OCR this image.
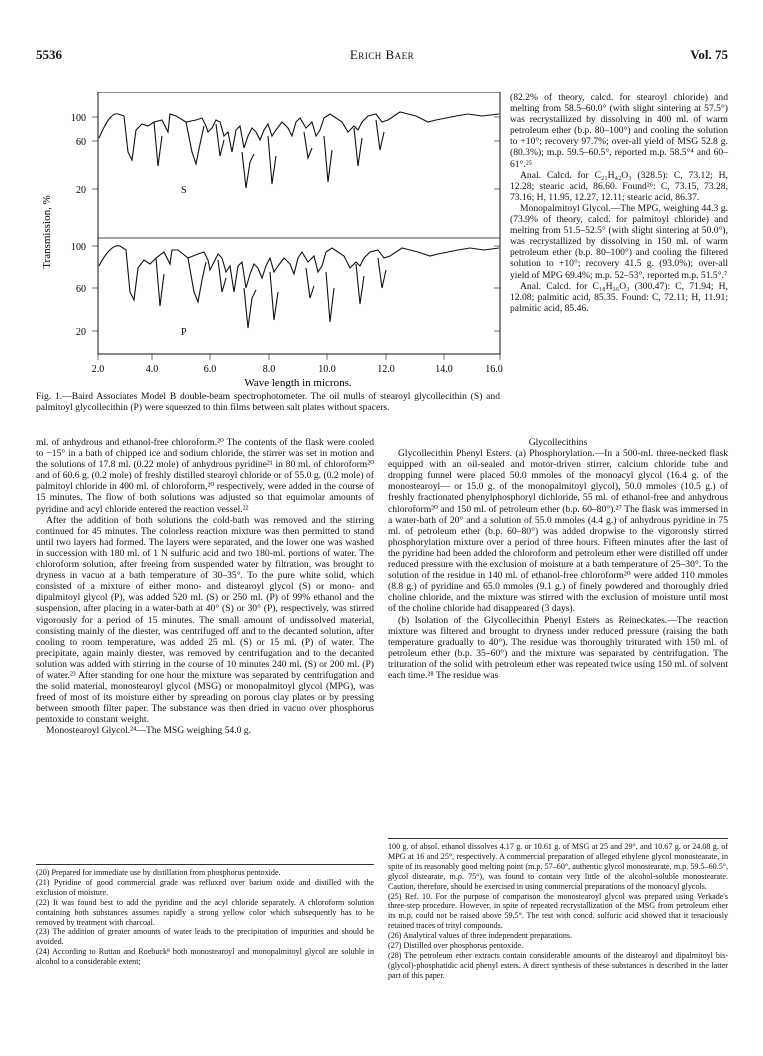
5536	Erich Baer	Vol. 75
100
60
20
100
60
20
Transmission, %
S
P
2.0	4.0	6.0	8.0	10.0	12.0	14.0	16.0
Wave length in microns.
Fig. 1.—Baird Associates Model B double-beam spectrophotometer. The oil mulls of stearoyl glycollecithin (S) and palmitoyl glycollecithin (P) were squeezed to thin films between salt plates without spacers.

(82.2% of theory, calcd. for stearoyl chloride) and melting from 58.5–60.0° (with slight sintering at 57.5°) was recrystallized by dissolving in 400 ml. of warm petroleum ether (b.p. 80–100°) and cooling the solution to +10°; recovery 97.7%; over-all yield of MSG 52.8 g. (80.3%); m.p. 59.5–60.5°, reported m.p. 58.5°⁴ and 60–61°.²⁵

Anal. Calcd. for C₂₁H₄₂O₃ (328.5): C, 73.12; H, 12.28; stearic acid, 86.60. Found²⁶: C, 73.15, 73.28, 73.16; H, 11.95, 12.27, 12.11; stearic acid, 86.37.

Monopalmitoyl Glycol.—The MPG, weighing 44.3 g. (73.9% of theory, calcd. for palmitoyl chloride) and melting from 51.5–52.5° (with slight sintering at 50.0°), was recrystallized by dissolving in 150 ml. of warm petroleum ether (b.p. 80–100°) and cooling the filtered solution to +10°; recovery 41.5 g. (93.0%); over-all yield of MPG 69.4%; m.p. 52–53°, reported m.p. 51.5°.⁷

Anal. Calcd. for C₁₈H₃₆O₃ (300.47): C, 71.94; H, 12.08; palmitic acid, 85.35. Found: C, 72.11; H, 11.91; palmitic acid, 85.46.

ml. of anhydrous and ethanol-free chloroform.²⁰ The contents of the flask were cooled to −15° in a bath of chipped ice and sodium chloride, the stirrer was set in motion and the solutions of 17.8 ml. (0.22 mole) of anhydrous pyridine²¹ in 80 ml. of chloroform²⁰ and of 60.6 g. (0.2 mole) of freshly distilled stearoyl chloride or of 55.0 g. (0.2 mole) of palmitoyl chloride in 400 ml. of chloroform,²⁰ respectively, were added in the course of 15 minutes. The flow of both solutions was adjusted so that equimolar amounts of pyridine and acyl chloride entered the reaction vessel.²²

After the addition of both solutions the cold-bath was removed and the stirring continued for 45 minutes. The colorless reaction mixture was then permitted to stand until two layers had formed. The layers were separated, and the lower one was washed in succession with 180 ml. of 1 N sulfuric acid and two 180-ml. portions of water. The chloroform solution, after freeing from suspended water by filtration, was brought to dryness in vacuo at a bath temperature of 30–35°. To the pure white solid, which consisted of a mixture of either mono- and distearoyl glycol (S) or mono- and dipalmitoyl glycol (P), was added 520 ml. (S) or 250 ml. (P) of 99% ethanol and the suspension, after placing in a water-bath at 40° (S) or 30° (P), respectively, was stirred vigorously for a period of 15 minutes. The small amount of undissolved material, consisting mainly of the diester, was centrifuged off and to the decanted solution, after cooling to room temperature, was added 25 ml. (S) or 15 ml. (P) of water. The precipitate, again mainly diester, was removed by centrifugation and to the decanted solution was added with stirring in the course of 10 minutes 240 ml. (S) or 200 ml. (P) of water.²³ After standing for one hour the mixture was separated by centrifugation and the solid material, monostearoyl glycol (MSG) or monopalmitoyl glycol (MPG), was freed of most of its moisture either by spreading on porous clay plates or by pressing between smooth filter paper. The substance was then dried in vacuo over phosphorus pentoxide to constant weight.

Monostearoyl Glycol.²⁴—The MSG weighing 54.0 g.

Glycollecithins

Glycollecithin Phenyl Esters. (a) Phosphorylation.—In a 500-ml. three-necked flask equipped with an oil-sealed and motor-driven stirrer, calcium chloride tube and dropping funnel were placed 50.0 mmoles of the monoacyl glycol (16.4 g. of the monostearoyl— or 15.0 g. of the monopalmitoyl glycol), 50.0 mmoles (10.5 g.) of freshly fractionated phenylphosphoryl dichloride, 55 ml. of ethanol-free and anhydrous chloroform²⁰ and 150 ml. of petroleum ether (b.p. 60–80°).²⁷ The flask was immersed in a water-bath of 20° and a solution of 55.0 mmoles (4.4 g.) of anhydrous pyridine in 75 ml. of petroleum ether (b.p. 60–80°) was added dropwise to the vigorously stirred phosphorylation mixture over a period of three hours. Fifteen minutes after the last of the pyridine had been added the chloroform and petroleum ether were distilled off under reduced pressure with the exclusion of moisture at a bath temperature of 25–30°. To the solution of the residue in 140 ml. of ethanol-free chloroform²⁰ were added 110 mmoles (8.8 g.) of pyridine and 65.0 mmoles (9.1 g.) of finely powdered and thoroughly dried choline chloride, and the mixture was stirred with the exclusion of moisture until most of the choline chloride had disappeared (3 days).

(b) Isolation of the Glycollecithin Phenyl Esters as Reineckates.—The reaction mixture was filtered and brought to dryness under reduced pressure (raising the bath temperature gradually to 40°). The residue was thoroughly triturated with 150 ml. of petroleum ether (b.p. 35–60°) and the mixture was separated by centrifugation. The trituration of the solid with petroleum ether was repeated twice using 150 ml. of solvent each time.²⁸ The residue was

(20) Prepared for immediate use by distillation from phosphorus pentoxide.

(21) Pyridine of good commercial grade was refluxed over barium oxide and distilled with the exclusion of moisture.

(22) It was found best to add the pyridine and the acyl chloride separately. A chloroform solution containing both substances assumes rapidly a strong yellow color which subsequently has to be removed by treatment with charcoal.

(23) The addition of greater amounts of water leads to the precipitation of impurities and should be avoided.

(24) According to Ruttan and Roebuck⁸ both monostearoyl and monopalmitoyl glycol are soluble in alcohol to a considerable extent;

100 g. of absol. ethanol dissolves 4.17 g. or 10.61 g. of MSG at 25 and 29°, and 10.67 g. or 24.08 g. of MPG at 16 and 25°, respectively. A commercial preparation of alleged ethylene glycol monostearate, in spite of its reasonably good melting point (m.p. 57–60°, authentic glycol monostearate, m.p. 59.5–60.5°, glycol distearate, m.p. 75°), was found to contain very little of the alcohol-soluble monostearate. Caution, therefore, should be exercised in using commercial preparations of the monoacyl glycols.

(25) Ref. 10. For the purpose of comparison the monostearoyl glycol was prepared using Verkade's three-step procedure. However, in spite of repeated recrystallization of the MSG from petroleum ether its m.p. could not be raised above 59.5°. The test with concd. sulfuric acid showed that it tenaciously retained traces of trityl compounds.

(26) Analytical values of three independent preparations.

(27) Distilled over phosphorus pentoxide.

(28) The petroleum ether extracts contain considerable amounts of the distearoyl and dipalmitoyl bis-(glycol)-phosphatidic acid phenyl esters. A direct synthesis of these substances is described in the latter part of this paper.
